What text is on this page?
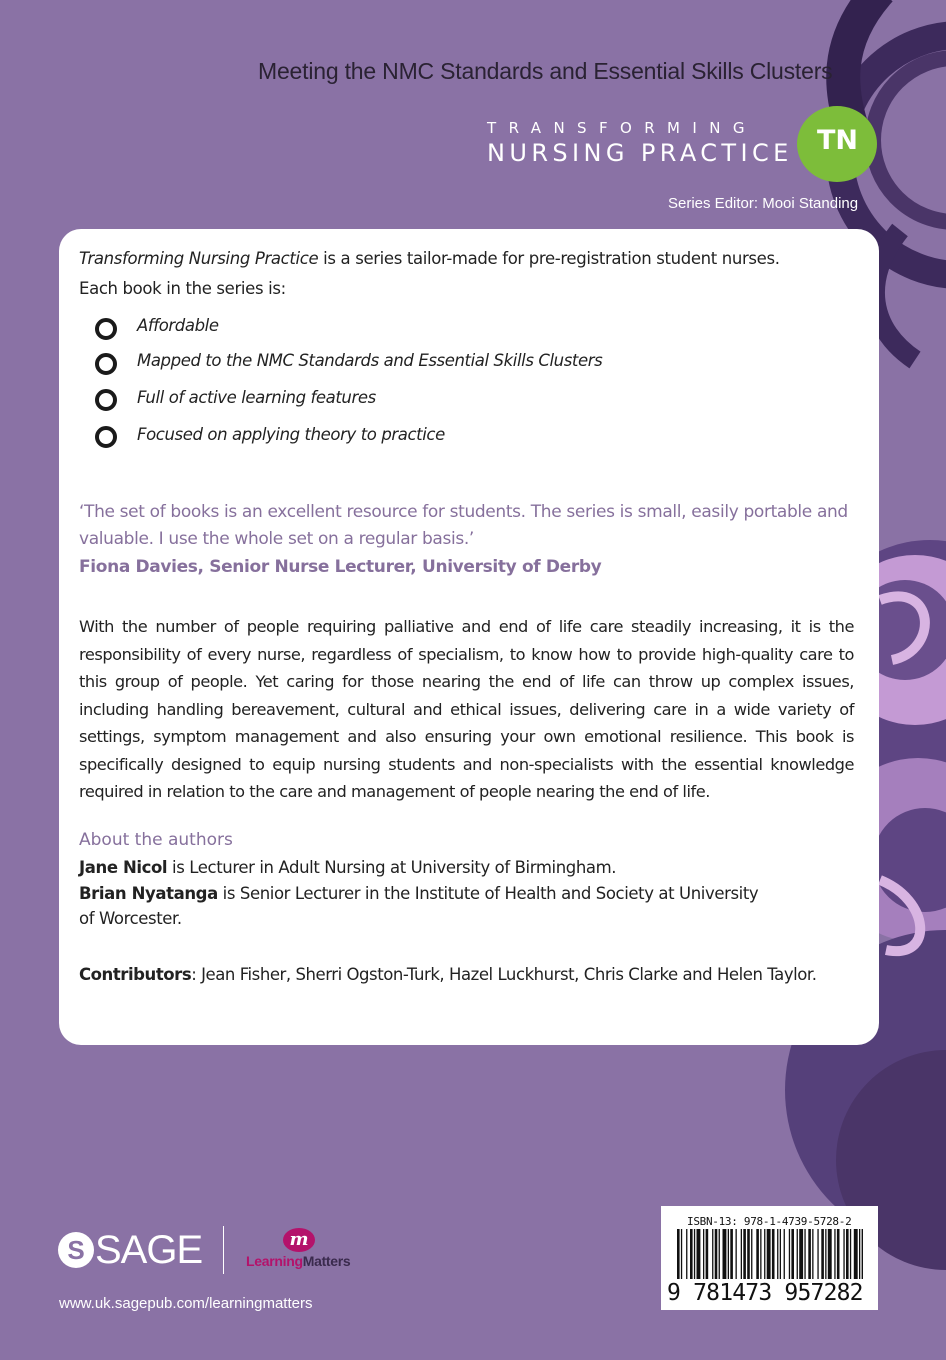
Meeting the NMC Standards and Essential Skills Clusters
TRANSFORMING
NURSING PRACTICE TN
Series Editor: Mooi Standing
Transforming Nursing Practice is a series tailor-made for pre-registration student nurses.
Each book in the series is:
Affordable
Mapped to the NMC Standards and Essential Skills Clusters
Full of active learning features
Focused on applying theory to practice
‘The set of books is an excellent resource for students. The series is small, easily portable and
valuable. I use the whole set on a regular basis.’
Fiona Davies, Senior Nurse Lecturer, University of Derby
With the number of people requiring palliative and end of life care steadily increasing, it is the responsibility of every nurse, regardless of specialism, to know how to provide high-quality care to this group of people. Yet caring for those nearing the end of life can throw up complex issues, including handling bereavement, cultural and ethical issues, delivering care in a wide variety of settings, symptom management and also ensuring your own emotional resilience. This book is specifically designed to equip nursing students and non-specialists with the essential knowledge required in relation to the care and management of people nearing the end of life.
About the authors
Jane Nicol is Lecturer in Adult Nursing at University of Birmingham.
Brian Nyatanga is Senior Lecturer in the Institute of Health and Society at University
of Worcester.
Contributors: Jean Fisher, Sherri Ogston-Turk, Hazel Luckhurst, Chris Clarke and Helen Taylor.
S SAGE	m
LearningMatters
www.uk.sagepub.com/learningmatters
ISBN-13: 978-1-4739-5728-2
9 781473 957282
